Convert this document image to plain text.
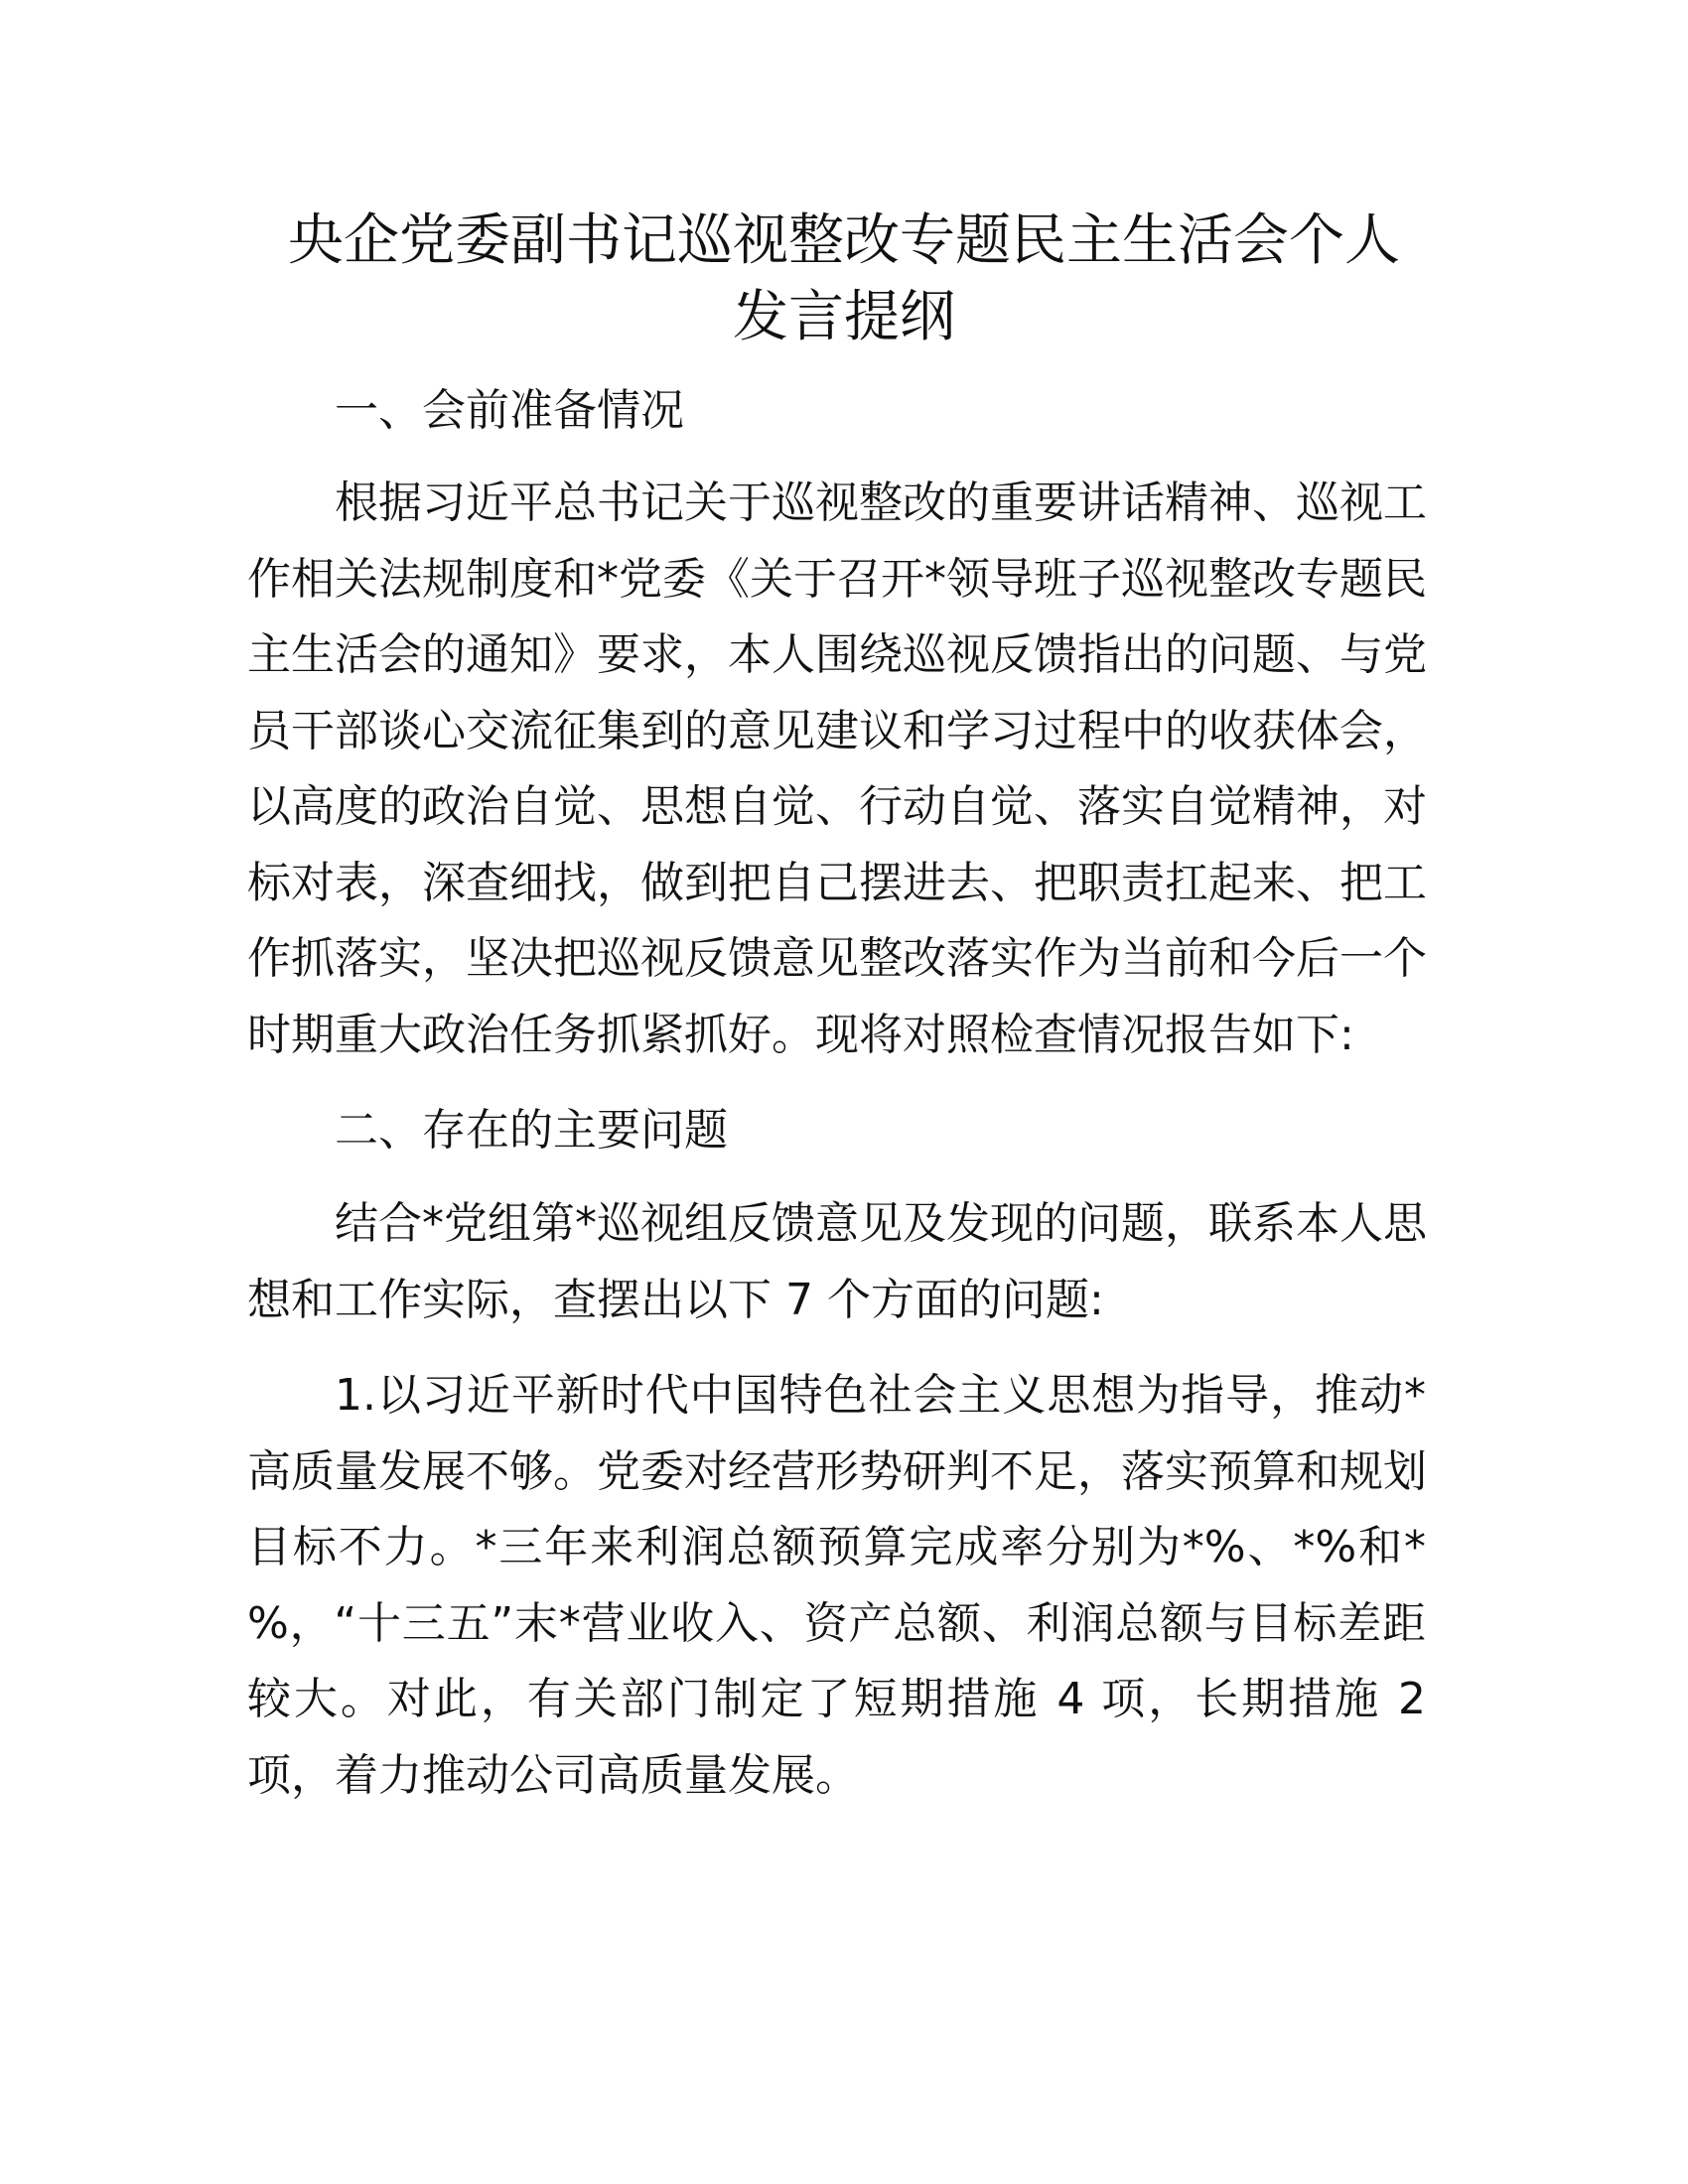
央企党委副书记巡视整改专题民主生活会个人
发言提纲
一、会前准备情况
根据习近平总书记关于巡视整改的重要讲话精神、巡视工
作相关法规制度和*党委《关于召开*领导班子巡视整改专题民
主生活会的通知》要求，本人围绕巡视反馈指出的问题、与党
员干部谈心交流征集到的意见建议和学习过程中的收获体会，
以高度的政治自觉、思想自觉、行动自觉、落实自觉精神，对
标对表，深查细找，做到把自己摆进去、把职责扛起来、把工
作抓落实，坚决把巡视反馈意见整改落实作为当前和今后一个
时期重大政治任务抓紧抓好。现将对照检查情况报告如下:
二、存在的主要问题
结合*党组第*巡视组反馈意见及发现的问题，联系本人思
想和工作实际，查摆出以下 7 个方面的问题:
1.以习近平新时代中国特色社会主义思想为指导，推动*
高质量发展不够。党委对经营形势研判不足，落实预算和规划
目标不力。*三年来利润总额预算完成率分别为*%、*%和*
%，“十三五”末*营业收入、资产总额、利润总额与目标差距
较大。对此，有关部门制定了短期措施 4 项，长期措施 2
项，着力推动公司高质量发展。
